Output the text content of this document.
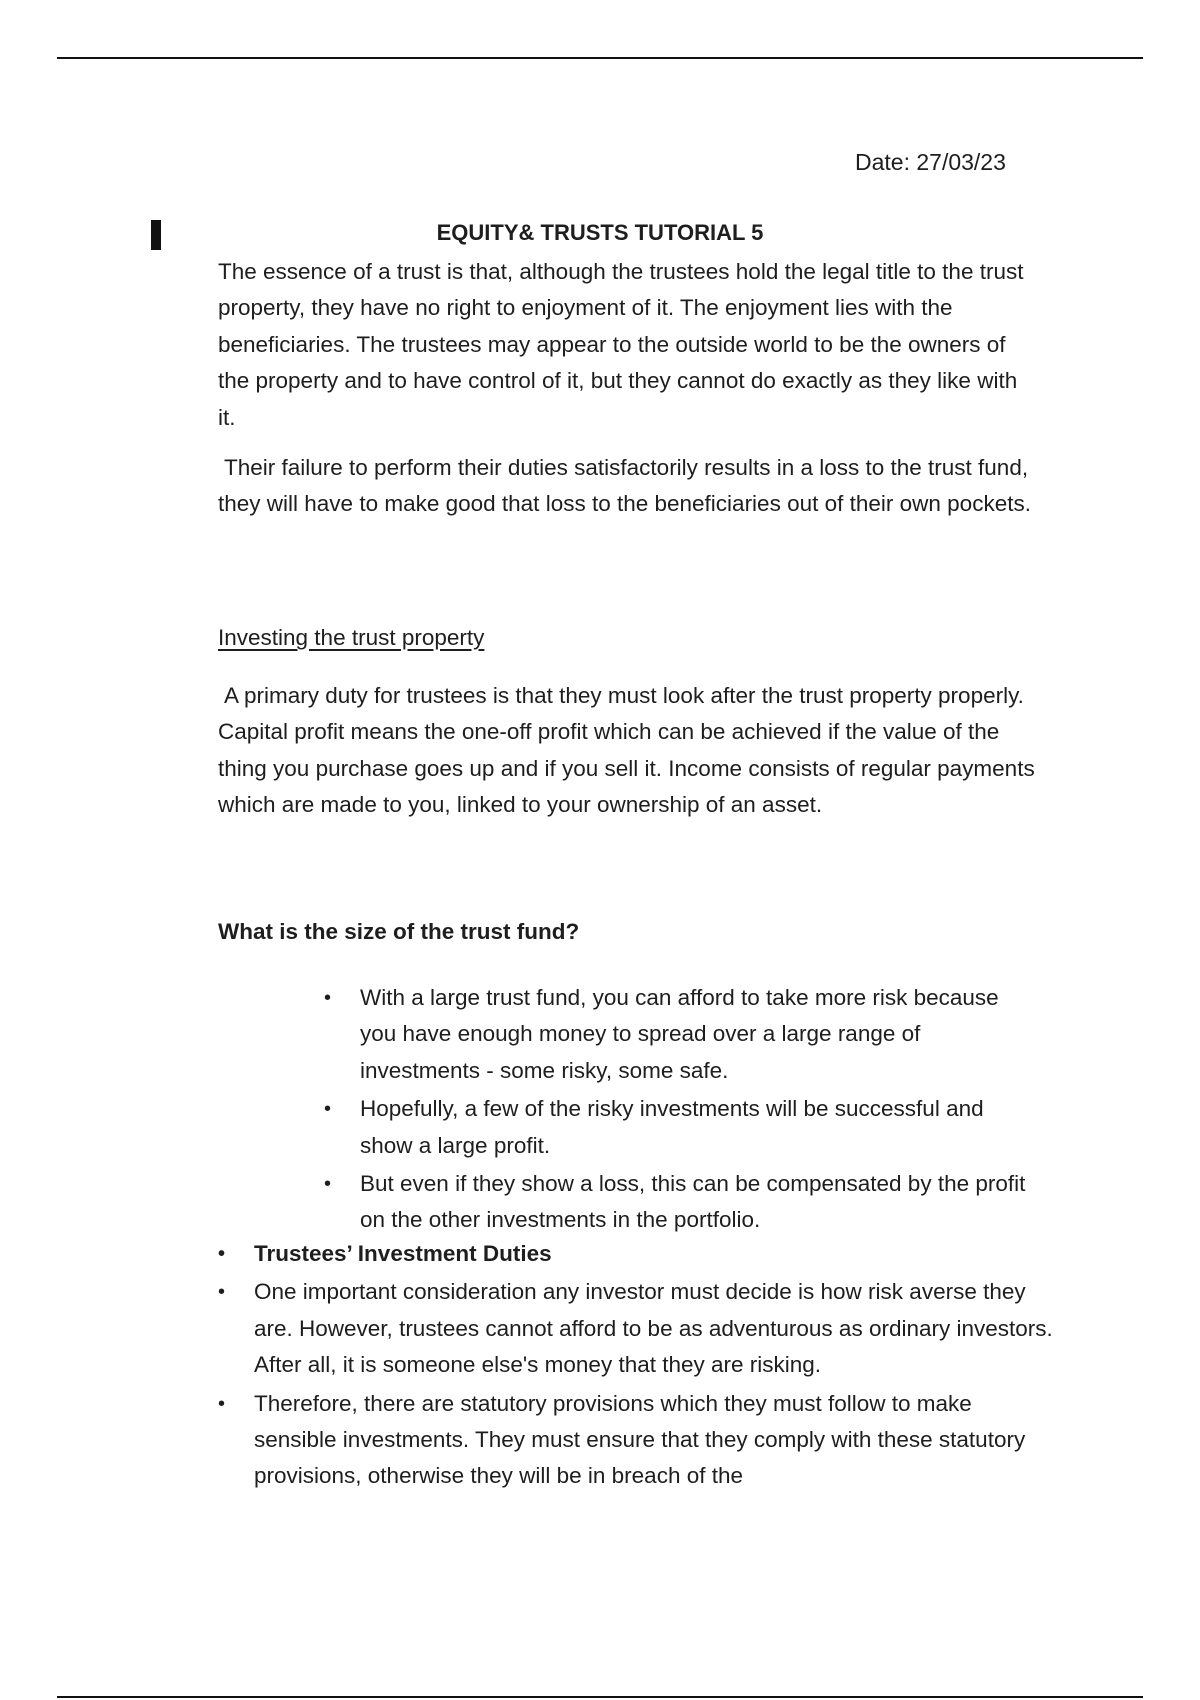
Date: 27/03/23
EQUITY& TRUSTS TUTORIAL 5

The essence of a trust is that, although the trustees hold the legal title to the trust property, they have no right to enjoyment of it. The enjoyment lies with the beneficiaries. The trustees may appear to the outside world to be the owners of the property and to have control of it, but they cannot do exactly as they like with it.

Their failure to perform their duties satisfactorily results in a loss to the trust fund, they will have to make good that loss to the beneficiaries out of their own pockets.

Investing the trust property

A primary duty for trustees is that they must look after the trust property properly. Capital profit means the one-off profit which can be achieved if the value of the thing you purchase goes up and if you sell it. Income consists of regular payments which are made to you, linked to your ownership of an asset.

What is the size of the trust fund?
• With a large trust fund, you can afford to take more risk because you have enough money to spread over a large range of investments - some risky, some safe.
• Hopefully, a few of the risky investments will be successful and show a large profit.
• But even if they show a loss, this can be compensated by the profit on the other investments in the portfolio.
• Trustees’ Investment Duties
• One important consideration any investor must decide is how risk averse they are. However, trustees cannot afford to be as adventurous as ordinary investors. After all, it is someone else's money that they are risking.
• Therefore, there are statutory provisions which they must follow to make sensible investments. They must ensure that they comply with these statutory provisions, otherwise they will be in breach of the
